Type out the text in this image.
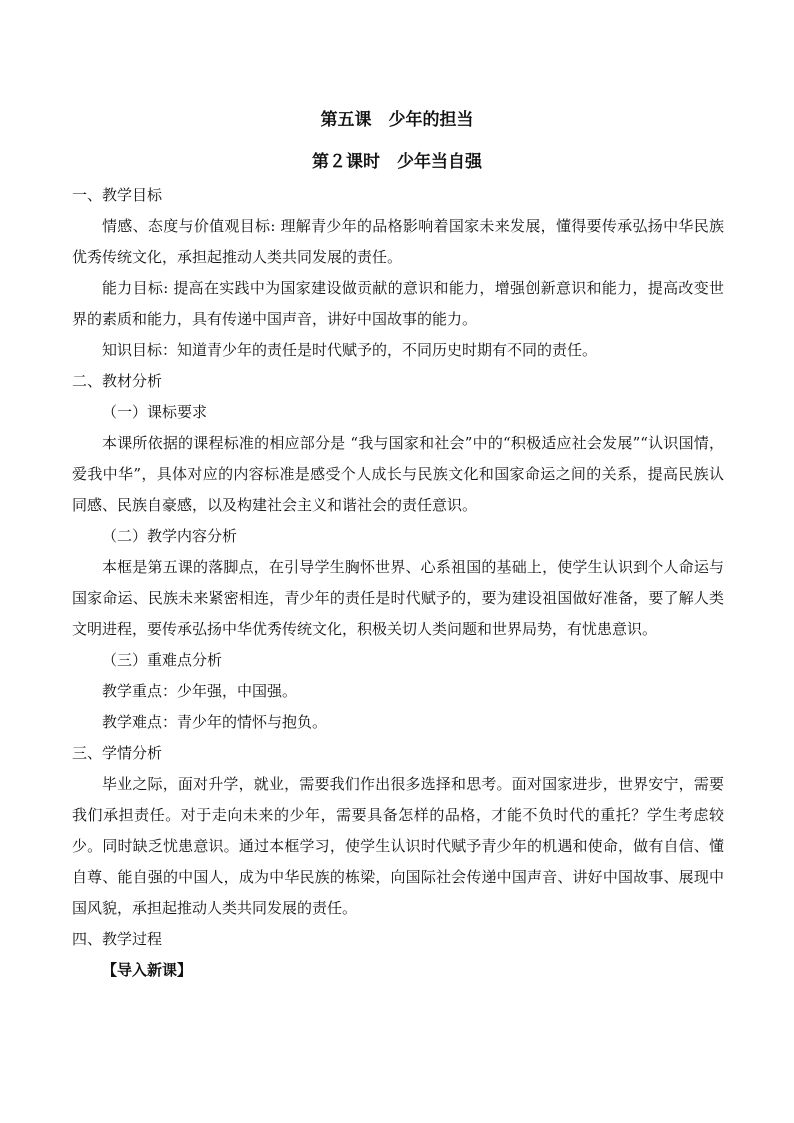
第五课　少年的担当
第２课时　少年当自强
一、教学目标
情感、态度与价值观目标: 理解青少年的品格影响着国家未来发展，懂得要传承弘扬中华民族优秀传统文化，承担起推动人类共同发展的责任。
能力目标: 提高在实践中为国家建设做贡献的意识和能力，增强创新意识和能力，提高改变世界的素质和能力，具有传递中国声音，讲好中国故事的能力。
知识目标：知道青少年的责任是时代赋予的，不同历史时期有不同的责任。
二、教材分析
（一）课标要求
本课所依据的课程标准的相应部分是 “我与国家和社会”中的“积极适应社会发展”“认识国情，爱我中华”，具体对应的内容标准是感受个人成长与民族文化和国家命运之间的关系，提高民族认同感、民族自豪感，以及构建社会主义和谐社会的责任意识。
（二）教学内容分析
本框是第五课的落脚点，在引导学生胸怀世界、心系祖国的基础上，使学生认识到个人命运与国家命运、民族未来紧密相连，青少年的责任是时代赋予的，要为建设祖国做好准备，要了解人类文明进程，要传承弘扬中华优秀传统文化，积极关切人类问题和世界局势，有忧患意识。
（三）重难点分析
教学重点：少年强，中国强。
教学难点：青少年的情怀与抱负。
三、学情分析
毕业之际，面对升学，就业，需要我们作出很多选择和思考。面对国家进步，世界安宁，需要我们承担责任。对于走向未来的少年，需要具备怎样的品格，才能不负时代的重托？学生考虑较少。同时缺乏忧患意识。通过本框学习，使学生认识时代赋予青少年的机遇和使命，做有自信、懂自尊、能自强的中国人，成为中华民族的栋梁，向国际社会传递中国声音、讲好中国故事、展现中国风貌，承担起推动人类共同发展的责任。
四、教学过程
【导入新课】
